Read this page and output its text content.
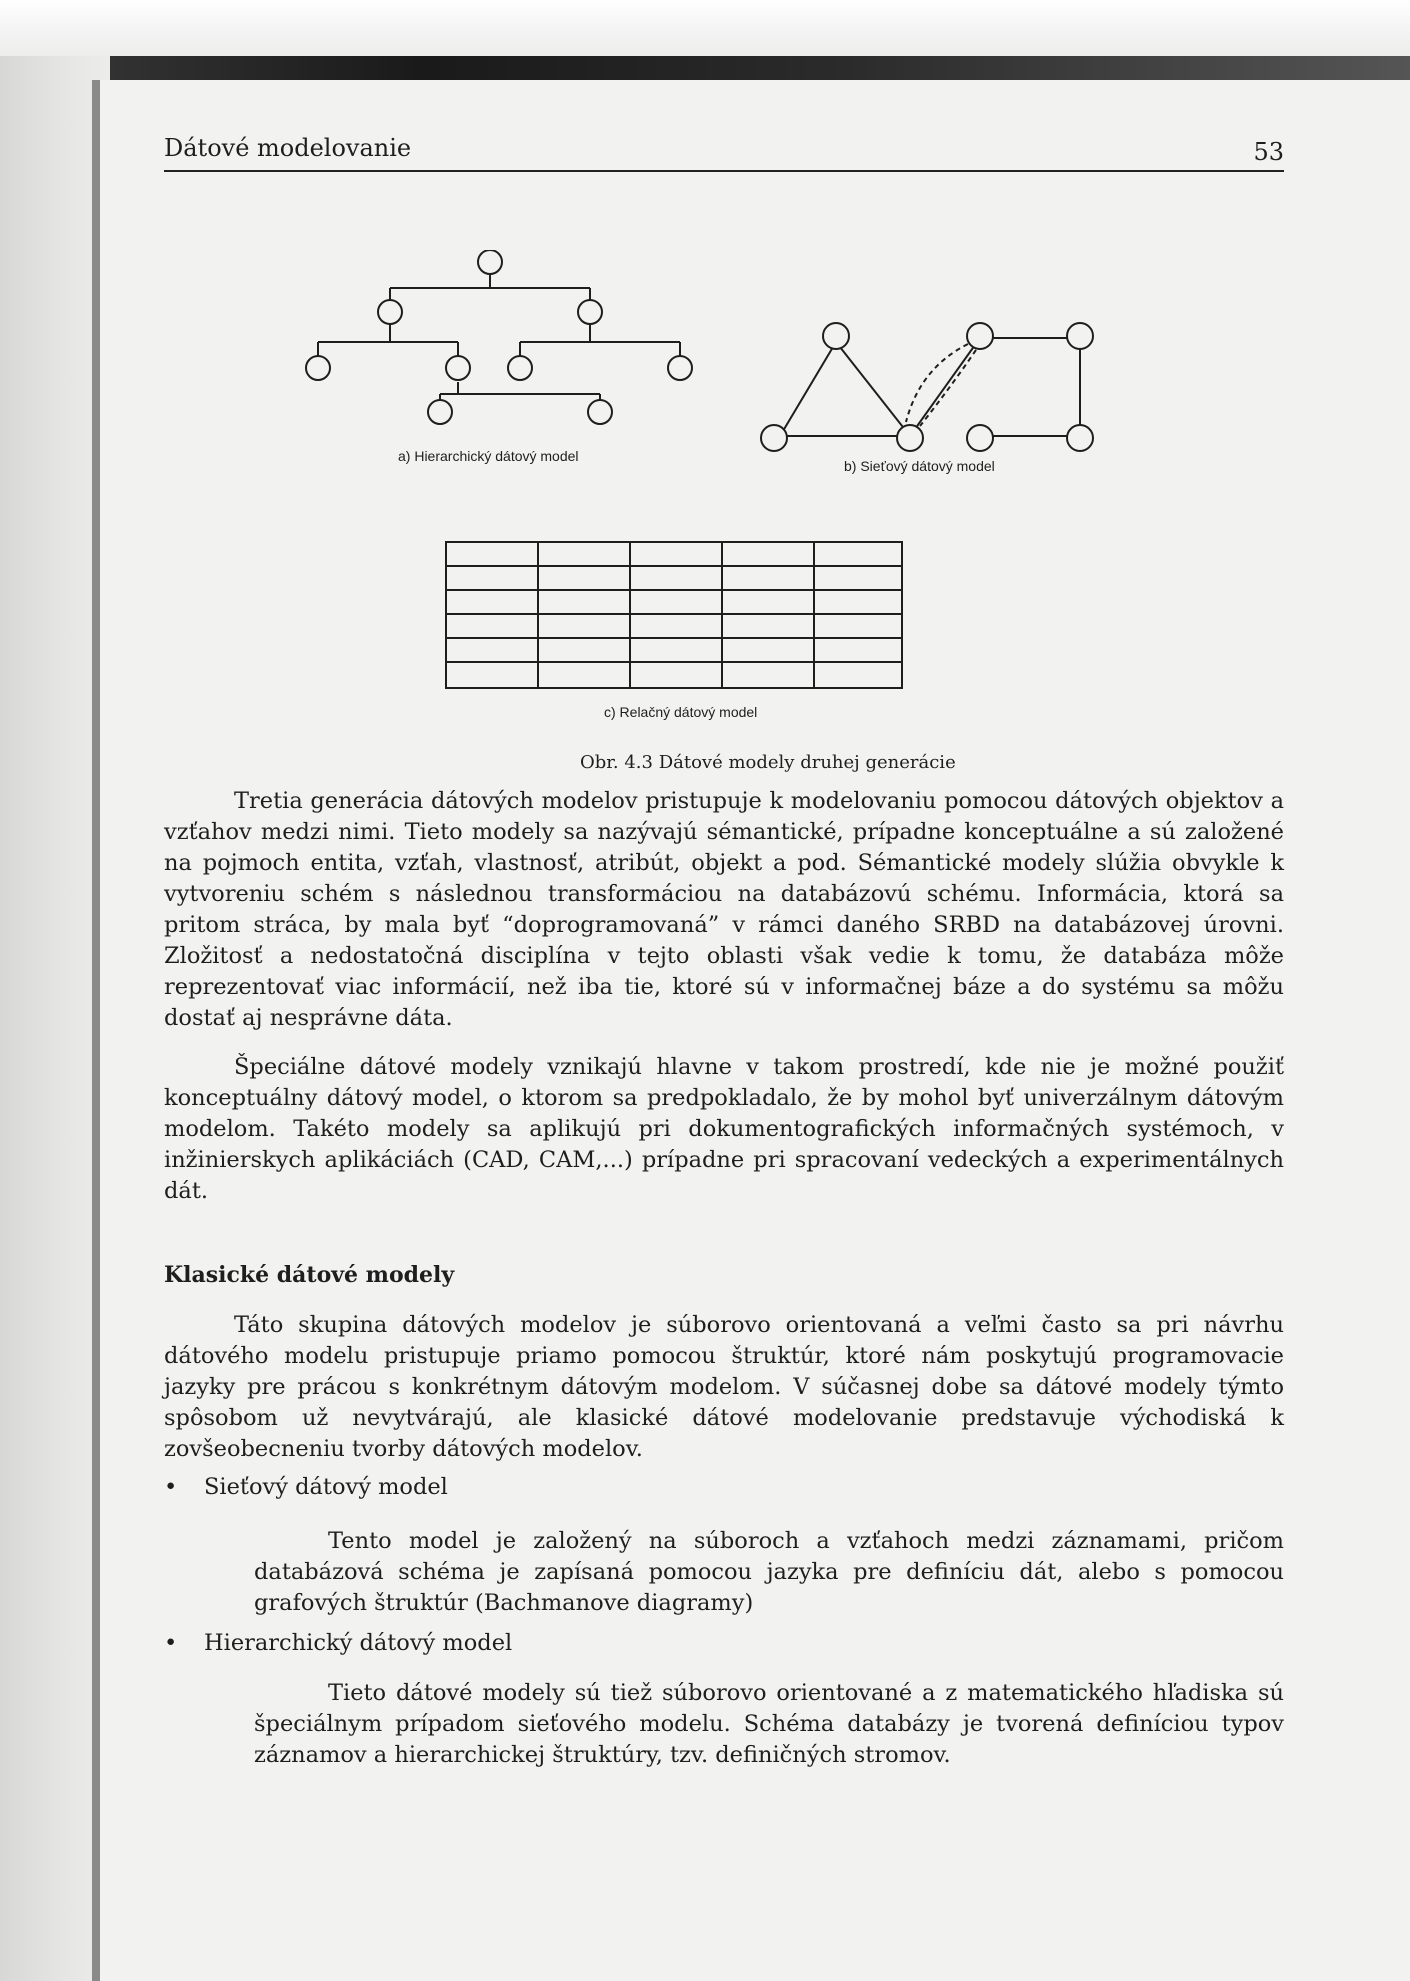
Dátové modelovanie	53
a) Hierarchický dátový model
b) Sieťový dátový model
c) Relačný dátový model
Obr. 4.3 Dátové modely druhej generácie

Tretia generácia dátových modelov pristupuje k modelovaniu pomocou dátových objektov a vzťahov medzi nimi. Tieto modely sa nazývajú sémantické, prípadne konceptuálne a sú založené na pojmoch entita, vzťah, vlastnosť, atribút, objekt a pod. Sémantické modely slúžia obvykle k vytvoreniu schém s následnou transformáciou na databázovú schému. Informácia, ktorá sa pritom stráca, by mala byť “doprogramovaná” v rámci daného SRBD na databázovej úrovni. Zložitosť a nedostatočná disciplína v tejto oblasti však vedie k tomu, že databáza môže reprezentovať viac informácií, než iba tie, ktoré sú v informačnej báze a do systému sa môžu dostať aj nesprávne dáta.

Špeciálne dátové modely vznikajú hlavne v takom prostredí, kde nie je možné použiť konceptuálny dátový model, o ktorom sa predpokladalo, že by mohol byť univerzálnym dátovým modelom. Takéto modely sa aplikujú pri dokumentografických informačných systémoch, v inžinierskych aplikáciách (CAD, CAM,...) prípadne pri spracovaní vedeckých a experimentálnych dát.

Klasické dátové modely

Táto skupina dátových modelov je súborovo orientovaná a veľmi často sa pri návrhu dátového modelu pristupuje priamo pomocou štruktúr, ktoré nám poskytujú programovacie jazyky pre prácou s konkrétnym dátovým modelom. V súčasnej dobe sa dátové modely týmto spôsobom už nevytvárajú, ale klasické dátové modelovanie predstavuje východiská k zovšeobecneniu tvorby dátových modelov.

• Sieťový dátový model

Tento model je založený na súboroch a vzťahoch medzi záznamami, pričom databázová schéma je zapísaná pomocou jazyka pre definíciu dát, alebo s pomocou grafových štruktúr (Bachmanove diagramy)

• Hierarchický dátový model

Tieto dátové modely sú tiež súborovo orientované a z matematického hľadiska sú špeciálnym prípadom sieťového modelu. Schéma databázy je tvorená definíciou typov záznamov a hierarchickej štruktúry, tzv. definičných stromov.
